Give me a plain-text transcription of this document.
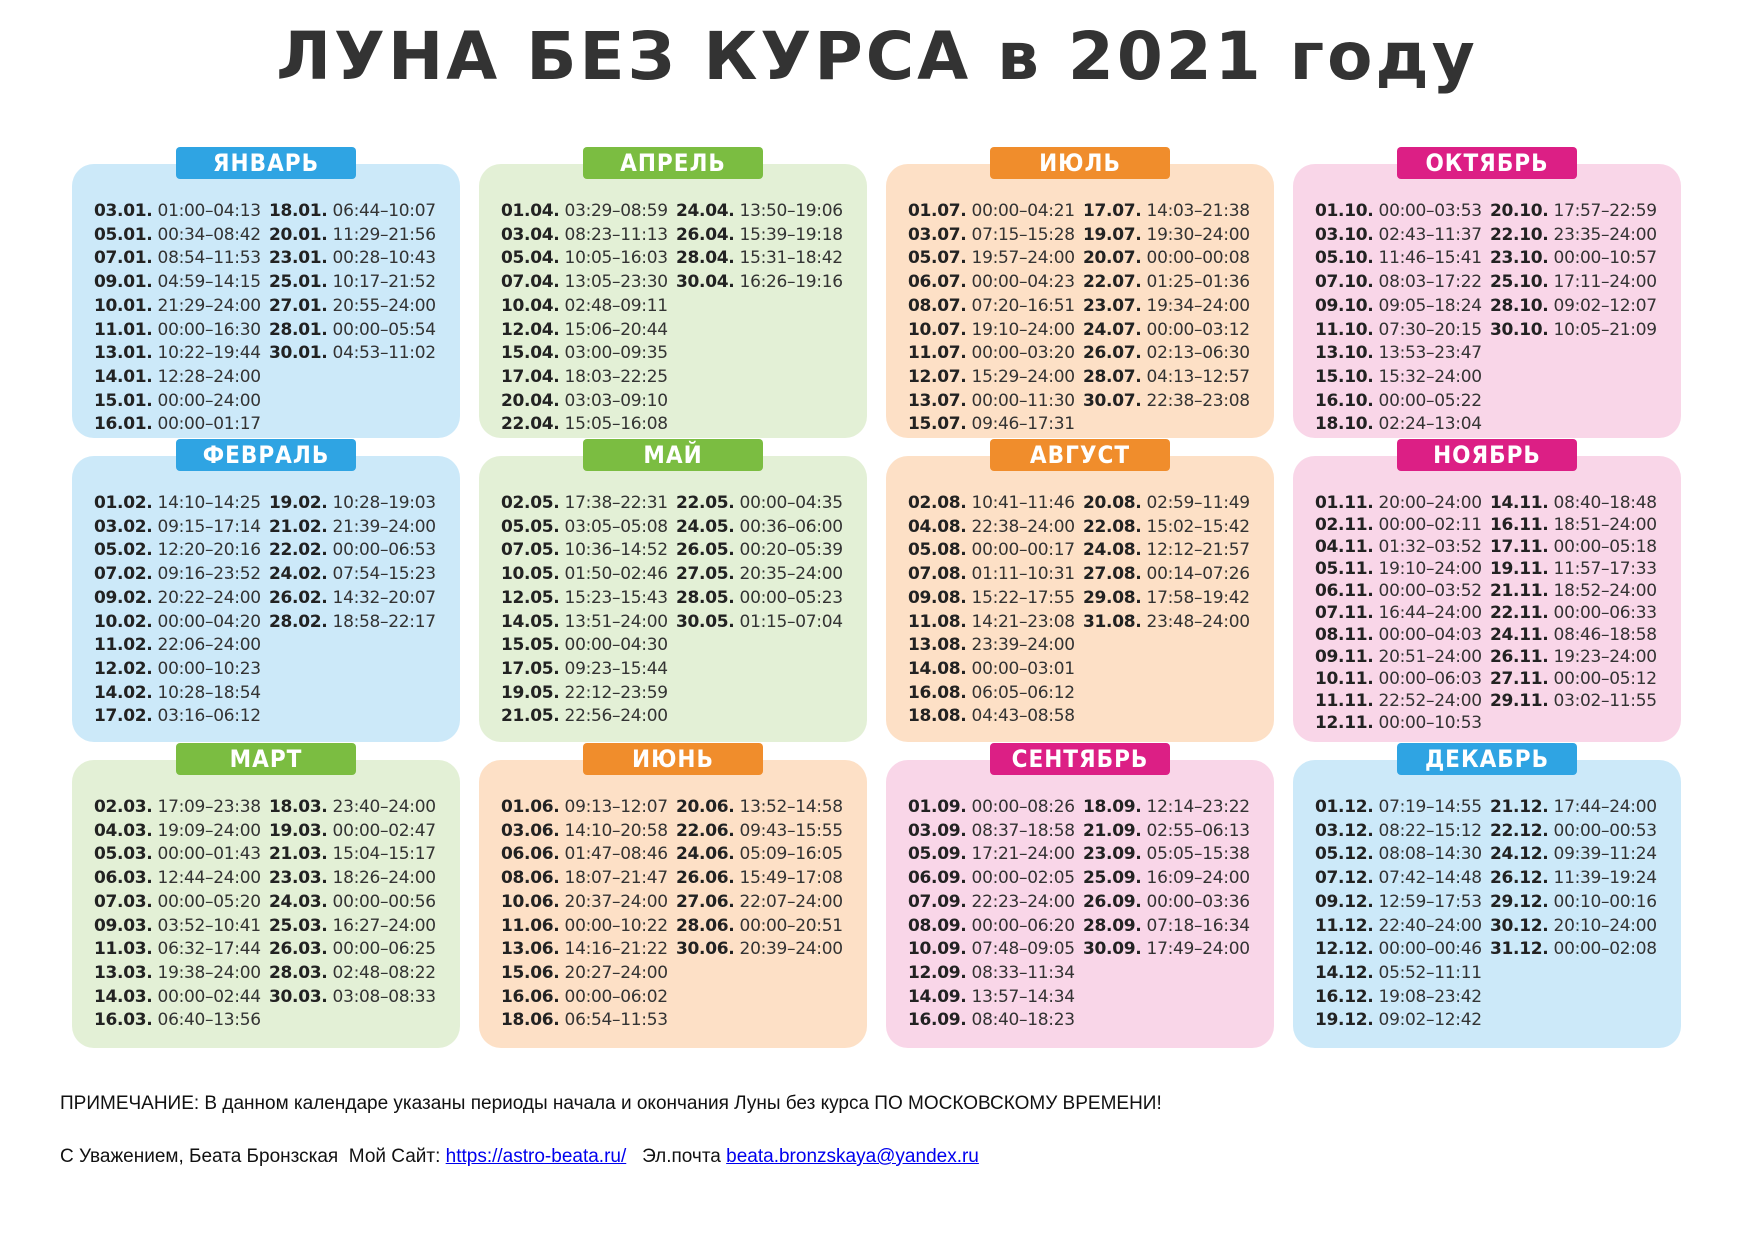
ЛУНА БЕЗ КУРСА в 2021 году
ЯНВАРЬ
03.01. 01:00–04:13
05.01. 00:34–08:42
07.01. 08:54–11:53
09.01. 04:59–14:15
10.01. 21:29–24:00
11.01. 00:00–16:30
13.01. 10:22–19:44
14.01. 12:28–24:00
15.01. 00:00–24:00
16.01. 00:00–01:17
18.01. 06:44–10:07
20.01. 11:29–21:56
23.01. 00:28–10:43
25.01. 10:17–21:52
27.01. 20:55–24:00
28.01. 00:00–05:54
30.01. 04:53–11:02
АПРЕЛЬ
01.04. 03:29–08:59
03.04. 08:23–11:13
05.04. 10:05–16:03
07.04. 13:05–23:30
10.04. 02:48–09:11
12.04. 15:06–20:44
15.04. 03:00–09:35
17.04. 18:03–22:25
20.04. 03:03–09:10
22.04. 15:05–16:08
24.04. 13:50–19:06
26.04. 15:39–19:18
28.04. 15:31–18:42
30.04. 16:26–19:16
ИЮЛЬ
01.07. 00:00–04:21
03.07. 07:15–15:28
05.07. 19:57–24:00
06.07. 00:00–04:23
08.07. 07:20–16:51
10.07. 19:10–24:00
11.07. 00:00–03:20
12.07. 15:29–24:00
13.07. 00:00–11:30
15.07. 09:46–17:31
17.07. 14:03–21:38
19.07. 19:30–24:00
20.07. 00:00–00:08
22.07. 01:25–01:36
23.07. 19:34–24:00
24.07. 00:00–03:12
26.07. 02:13–06:30
28.07. 04:13–12:57
30.07. 22:38–23:08
ОКТЯБРЬ
01.10. 00:00–03:53
03.10. 02:43–11:37
05.10. 11:46–15:41
07.10. 08:03–17:22
09.10. 09:05–18:24
11.10. 07:30–20:15
13.10. 13:53–23:47
15.10. 15:32–24:00
16.10. 00:00–05:22
18.10. 02:24–13:04
20.10. 17:57–22:59
22.10. 23:35–24:00
23.10. 00:00–10:57
25.10. 17:11–24:00
28.10. 09:02–12:07
30.10. 10:05–21:09
ФЕВРАЛЬ
01.02. 14:10–14:25
03.02. 09:15–17:14
05.02. 12:20–20:16
07.02. 09:16–23:52
09.02. 20:22–24:00
10.02. 00:00–04:20
11.02. 22:06–24:00
12.02. 00:00–10:23
14.02. 10:28–18:54
17.02. 03:16–06:12
19.02. 10:28–19:03
21.02. 21:39–24:00
22.02. 00:00–06:53
24.02. 07:54–15:23
26.02. 14:32–20:07
28.02. 18:58–22:17
МАЙ
02.05. 17:38–22:31
05.05. 03:05–05:08
07.05. 10:36–14:52
10.05. 01:50–02:46
12.05. 15:23–15:43
14.05. 13:51–24:00
15.05. 00:00–04:30
17.05. 09:23–15:44
19.05. 22:12–23:59
21.05. 22:56–24:00
22.05. 00:00–04:35
24.05. 00:36–06:00
26.05. 00:20–05:39
27.05. 20:35–24:00
28.05. 00:00–05:23
30.05. 01:15–07:04
АВГУСТ
02.08. 10:41–11:46
04.08. 22:38–24:00
05.08. 00:00–00:17
07.08. 01:11–10:31
09.08. 15:22–17:55
11.08. 14:21–23:08
13.08. 23:39–24:00
14.08. 00:00–03:01
16.08. 06:05–06:12
18.08. 04:43–08:58
20.08. 02:59–11:49
22.08. 15:02–15:42
24.08. 12:12–21:57
27.08. 00:14–07:26
29.08. 17:58–19:42
31.08. 23:48–24:00
НОЯБРЬ
01.11. 20:00–24:00
02.11. 00:00–02:11
04.11. 01:32–03:52
05.11. 19:10–24:00
06.11. 00:00–03:52
07.11. 16:44–24:00
08.11. 00:00–04:03
09.11. 20:51–24:00
10.11. 00:00–06:03
11.11. 22:52–24:00
12.11. 00:00–10:53
14.11. 08:40–18:48
16.11. 18:51–24:00
17.11. 00:00–05:18
19.11. 11:57–17:33
21.11. 18:52–24:00
22.11. 00:00–06:33
24.11. 08:46–18:58
26.11. 19:23–24:00
27.11. 00:00–05:12
29.11. 03:02–11:55
МАРТ
02.03. 17:09–23:38
04.03. 19:09–24:00
05.03. 00:00–01:43
06.03. 12:44–24:00
07.03. 00:00–05:20
09.03. 03:52–10:41
11.03. 06:32–17:44
13.03. 19:38–24:00
14.03. 00:00–02:44
16.03. 06:40–13:56
18.03. 23:40–24:00
19.03. 00:00–02:47
21.03. 15:04–15:17
23.03. 18:26–24:00
24.03. 00:00–00:56
25.03. 16:27–24:00
26.03. 00:00–06:25
28.03. 02:48–08:22
30.03. 03:08–08:33
ИЮНЬ
01.06. 09:13–12:07
03.06. 14:10–20:58
06.06. 01:47–08:46
08.06. 18:07–21:47
10.06. 20:37–24:00
11.06. 00:00–10:22
13.06. 14:16–21:22
15.06. 20:27–24:00
16.06. 00:00–06:02
18.06. 06:54–11:53
20.06. 13:52–14:58
22.06. 09:43–15:55
24.06. 05:09–16:05
26.06. 15:49–17:08
27.06. 22:07–24:00
28.06. 00:00–20:51
30.06. 20:39–24:00
СЕНТЯБРЬ
01.09. 00:00–08:26
03.09. 08:37–18:58
05.09. 17:21–24:00
06.09. 00:00–02:05
07.09. 22:23–24:00
08.09. 00:00–06:20
10.09. 07:48–09:05
12.09. 08:33–11:34
14.09. 13:57–14:34
16.09. 08:40–18:23
18.09. 12:14–23:22
21.09. 02:55–06:13
23.09. 05:05–15:38
25.09. 16:09–24:00
26.09. 00:00–03:36
28.09. 07:18–16:34
30.09. 17:49–24:00
ДЕКАБРЬ
01.12. 07:19–14:55
03.12. 08:22–15:12
05.12. 08:08–14:30
07.12. 07:42–14:48
09.12. 12:59–17:53
11.12. 22:40–24:00
12.12. 00:00–00:46
14.12. 05:52–11:11
16.12. 19:08–23:42
19.12. 09:02–12:42
21.12. 17:44–24:00
22.12. 00:00–00:53
24.12. 09:39–11:24
26.12. 11:39–19:24
29.12. 00:10–00:16
30.12. 20:10–24:00
31.12. 00:00–02:08
ПРИМЕЧАНИЕ: В данном календаре указаны периоды начала и окончания Луны без курса ПО МОСКОВСКОМУ ВРЕМЕНИ!
С Уважением, Беата Бронзская  Мой Сайт: https://astro-beata.ru/   Эл.почта beata.bronzskaya@yandex.ru
